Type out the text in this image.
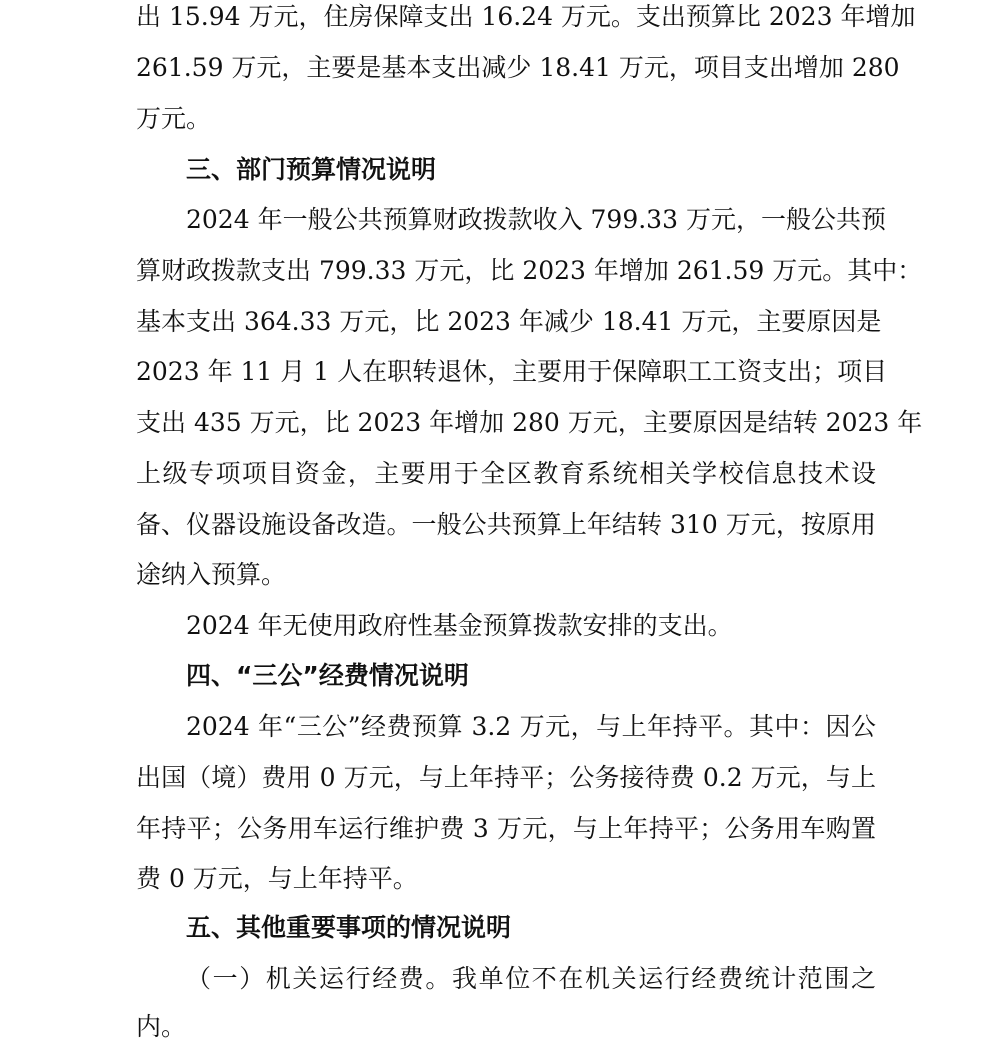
出 15.94 万元，住房保障支出 16.24 万元。支出预算比 2023 年增加
261.59 万元，主要是基本支出减少 18.41 万元，项目支出增加 280
万元。
三、部门预算情况说明
2024 年一般公共预算财政拨款收入 799.33 万元，一般公共预
算财政拨款支出 799.33 万元，比 2023 年增加 261.59 万元。其中：
基本支出 364.33 万元，比 2023 年减少 18.41 万元，主要原因是
2023 年 11 月 1 人在职转退休，主要用于保障职工工资支出；项目
支出 435 万元，比 2023 年增加 280 万元，主要原因是结转 2023 年
上级专项项目资金，主要用于全区教育系统相关学校信息技术设
备、仪器设施设备改造。一般公共预算上年结转 310 万元，按原用
途纳入预算。
2024 年无使用政府性基金预算拨款安排的支出。
四、“三公”经费情况说明
2024 年“三公”经费预算 3.2 万元，与上年持平。其中：因公
出国（境）费用 0 万元，与上年持平；公务接待费 0.2 万元，与上
年持平；公务用车运行维护费 3 万元，与上年持平；公务用车购置
费 0 万元，与上年持平。
五、其他重要事项的情况说明
（一）机关运行经费。我单位不在机关运行经费统计范围之
内。
